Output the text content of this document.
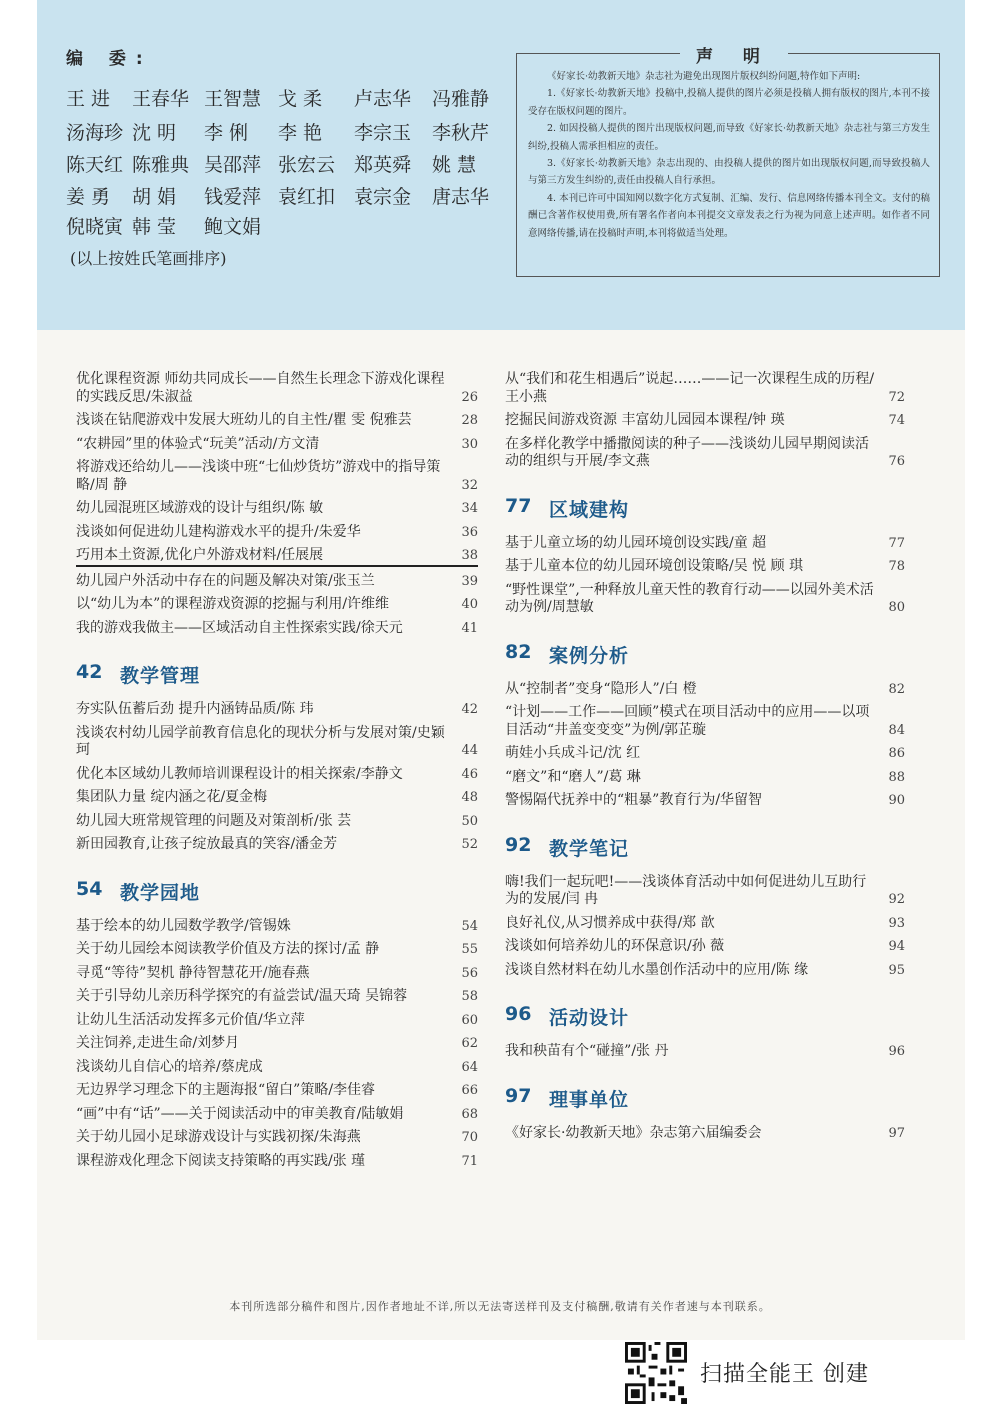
编 委:
(以上按姓氏笔画排序)
声 明

《好家长·幼教新天地》杂志社为避免出现图片版权纠纷问题,特作如下声明:

1.《好家长·幼教新天地》投稿中,投稿人提供的图片必须是投稿人拥有版权的图片,本刊不接受存在版权问题的图片。

2. 如因投稿人提供的图片出现版权问题,而导致《好家长·幼教新天地》杂志社与第三方发生纠纷,投稿人需承担相应的责任。

3.《好家长·幼教新天地》杂志出现的、由投稿人提供的图片如出现版权问题,而导致投稿人与第三方发生纠纷的,责任由投稿人自行承担。

4. 本刊已许可中国知网以数字化方式复制、汇编、发行、信息网络传播本刊全文。支付的稿酬已含著作权使用费,所有署名作者向本刊提交文章发表之行为视为同意上述声明。如作者不同意网络传播,请在投稿时声明,本刊将做适当处理。

优化课程资源 师幼共同成长——自然生长理念下游戏化课程的实践反思/朱淑益	26
浅谈在钻爬游戏中发展大班幼儿的自主性/瞿 雯 倪雅芸	28
“农耕园”里的体验式“玩美”活动/方文清	30
将游戏还给幼儿——浅谈中班“七仙炒货坊”游戏中的指导策略/周 静	32
幼儿园混班区域游戏的设计与组织/陈 敏	34
浅谈如何促进幼儿建构游戏水平的提升/朱爱华	36
巧用本土资源,优化户外游戏材料/任展展	38
幼儿园户外活动中存在的问题及解决对策/张玉兰	39
以“幼儿为本”的课程游戏资源的挖掘与利用/许维维	40
我的游戏我做主——区域活动自主性探索实践/徐天元	41
42 教学管理
夯实队伍蓄后劲 提升内涵铸品质/陈 玮	42
浅谈农村幼儿园学前教育信息化的现状分析与发展对策/史颖珂	44
优化本区域幼儿教师培训课程设计的相关探索/李静文	46
集团队力量 绽内涵之花/夏金梅	48
幼儿园大班常规管理的问题及对策剖析/张 芸	50
新田园教育,让孩子绽放最真的笑容/潘金芳	52
54 教学园地
基于绘本的幼儿园数学教学/管锡姝	54
关于幼儿园绘本阅读教学价值及方法的探讨/孟 静	55
寻觅“等待”契机 静待智慧花开/施春燕	56
关于引导幼儿亲历科学探究的有益尝试/温天琦 吴锦蓉	58
让幼儿生活活动发挥多元价值/华立萍	60
关注饲养,走进生命/刘梦月	62
浅谈幼儿自信心的培养/蔡虎成	64
无边界学习理念下的主题海报“留白”策略/李佳睿	66
“画”中有“话”——关于阅读活动中的审美教育/陆敏娟	68
关于幼儿园小足球游戏设计与实践初探/朱海燕	70
课程游戏化理念下阅读支持策略的再实践/张 瑾	71
从“我们和花生相遇后”说起……——记一次课程生成的历程/王小燕	72
挖掘民间游戏资源 丰富幼儿园园本课程/钟 瑛	74
在多样化教学中播撒阅读的种子——浅谈幼儿园早期阅读活动的组织与开展/李文燕	76
77 区域建构
基于儿童立场的幼儿园环境创设实践/童 超	77
基于儿童本位的幼儿园环境创设策略/吴 悦 顾 琪	78
“野性课堂”,一种释放儿童天性的教育行动——以园外美术活动为例/周慧敏	80
82 案例分析
从“控制者”变身“隐形人”/白 橙	82
“计划——工作——回顾”模式在项目活动中的应用——以项目活动“井盖变变变”为例/郭芷璇	84
萌娃小兵成斗记/沈 红	86
“磨文”和“磨人”/葛 琳	88
警惕隔代抚养中的“粗暴”教育行为/华留智	90
92 教学笔记
嗨!我们一起玩吧!——浅谈体育活动中如何促进幼儿互助行为的发展/闫 冉	92
良好礼仪,从习惯养成中获得/郑 歆	93
浅谈如何培养幼儿的环保意识/孙 薇	94
浅谈自然材料在幼儿水墨创作活动中的应用/陈 缘	95
96 活动设计
我和秧苗有个“碰撞”/张 丹	96
97 理事单位
《好家长·幼教新天地》杂志第六届编委会	97
本刊所选部分稿件和图片,因作者地址不详,所以无法寄送样刊及支付稿酬,敬请有关作者速与本刊联系。
扫描全能王 创建
王 进 王春华 王智慧 戈 柔 卢志华 冯雅静
汤海珍 沈 明 李 俐 李 艳 李宗玉 李秋芹
陈天红 陈雅典 吴邵萍 张宏云 郑英舜 姚 慧
姜 勇 胡 娟 钱爱萍 袁红扣 袁宗金 唐志华
倪晓寅 韩 莹 鲍文娟
